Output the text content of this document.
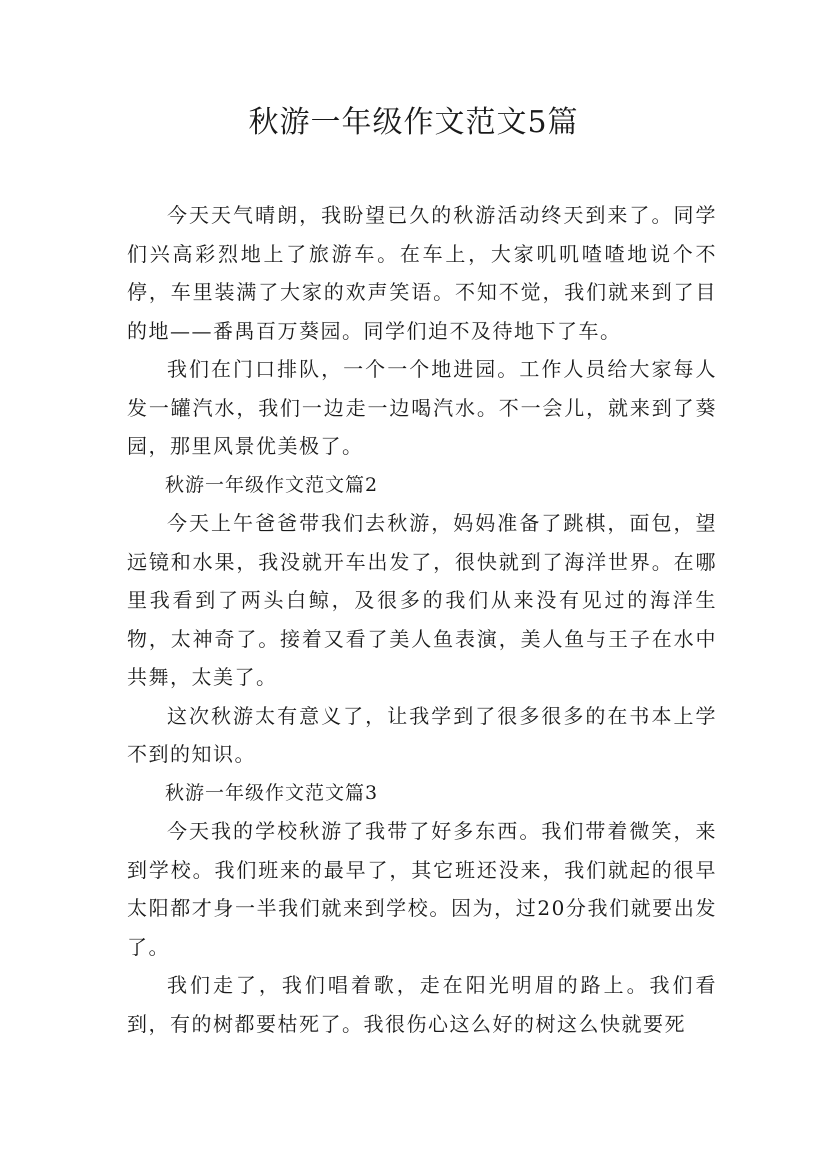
秋游一年级作文范文5篇

今天天气晴朗，我盼望已久的秋游活动终天到来了。同学们兴高彩烈地上了旅游车。在车上，大家叽叽喳喳地说个不停，车里装满了大家的欢声笑语。不知不觉，我们就来到了目的地——番禺百万葵园。同学们迫不及待地下了车。

我们在门口排队，一个一个地进园。工作人员给大家每人发一罐汽水，我们一边走一边喝汽水。不一会儿，就来到了葵园，那里风景优美极了。

秋游一年级作文范文篇2

今天上午爸爸带我们去秋游，妈妈准备了跳棋，面包，望远镜和水果，我没就开车出发了，很快就到了海洋世界。在哪里我看到了两头白鲸，及很多的我们从来没有见过的海洋生物，太神奇了。接着又看了美人鱼表演，美人鱼与王子在水中共舞，太美了。

这次秋游太有意义了，让我学到了很多很多的在书本上学不到的知识。

秋游一年级作文范文篇3

今天我的学校秋游了我带了好多东西。我们带着微笑，来到学校。我们班来的最早了，其它班还没来，我们就起的很早太阳都才身一半我们就来到学校。因为，过20分我们就要出发了。

我们走了，我们唱着歌，走在阳光明眉的路上。我们看到，有的树都要枯死了。我很伤心这么好的树这么快就要死
